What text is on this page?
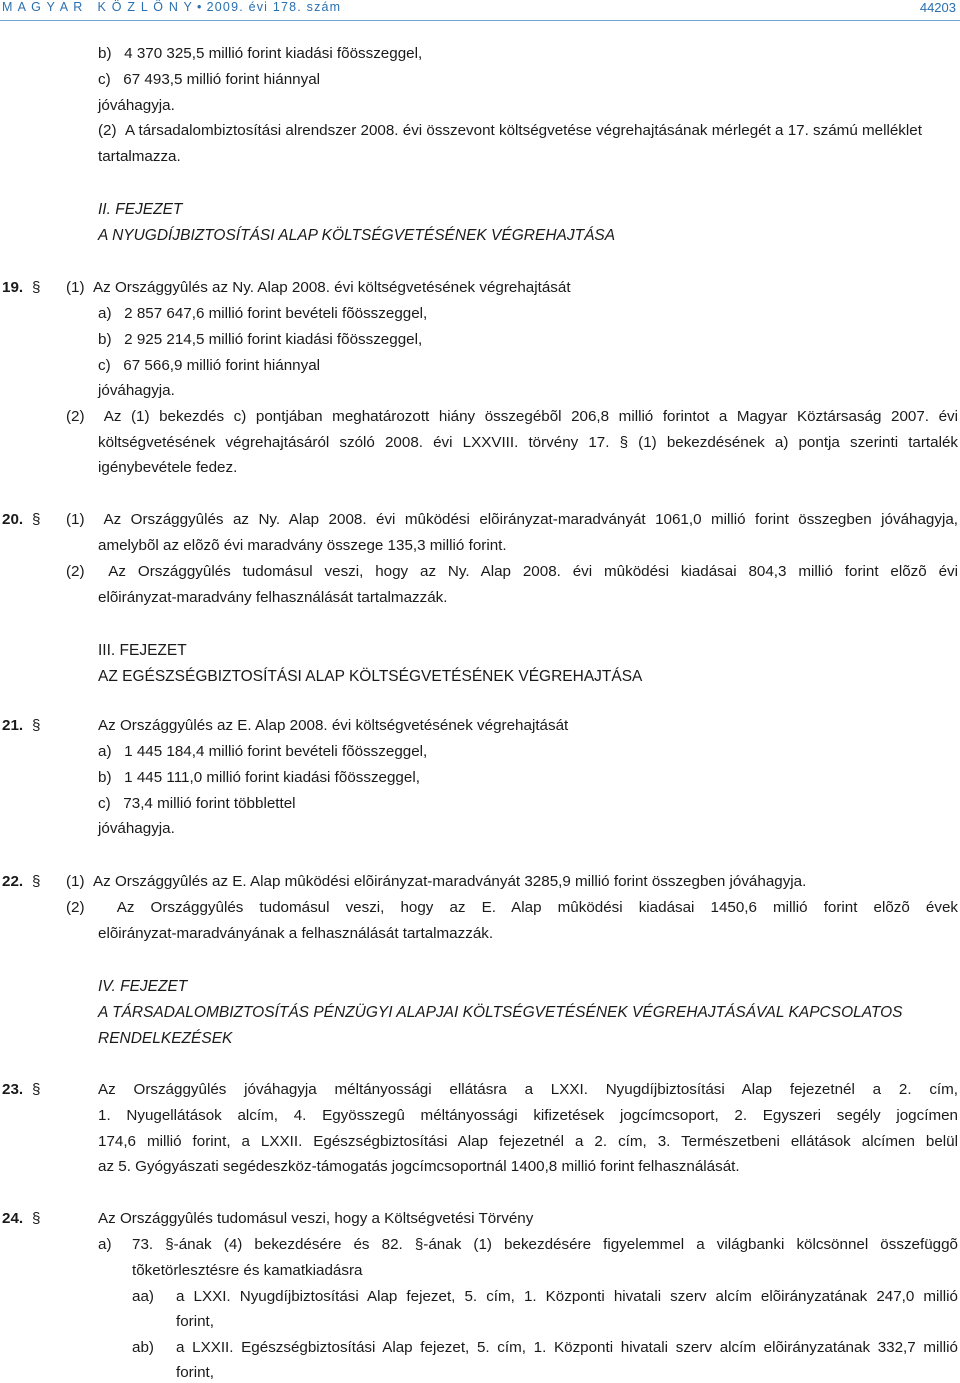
M A G Y A R   K Ö Z L Ö N Y • 2009. évi 178. szám	44203
b)   4 370 325,5 millió forint kiadási fõösszeggel,
c)   67 493,5 millió forint hiánnyal
jóváhagyja.
(2)  A társadalombiztosítási alrendszer 2008. évi összevont költségvetése végrehajtásának mérlegét a 17. számú melléklet
tartalmazza.
II. FEJEZET
A NYUGDÍJBIZTOSÍTÁSI ALAP KÖLTSÉGVETÉSÉNEK VÉGREHAJTÁSA
19. § (1)  Az Országgyûlés az Ny. Alap 2008. évi költségvetésének végrehajtását
a)   2 857 647,6 millió forint bevételi fõösszeggel,
b)   2 925 214,5 millió forint kiadási fõösszeggel,
c)   67 566,9 millió forint hiánnyal
jóváhagyja.
(2)  Az (1) bekezdés c) pontjában meghatározott hiány összegébõl 206,8 millió forintot a Magyar Köztársaság 2007. évi
költségvetésének végrehajtásáról szóló 2008. évi LXXVIII. törvény 17. § (1) bekezdésének a) pontja szerinti tartalék
igénybevétele fedez.
20. § (1)  Az Országgyûlés az Ny. Alap 2008. évi mûködési elõirányzat-maradványát 1061,0 millió forint összegben jóváhagyja,
amelybõl az elõzõ évi maradvány összege 135,3 millió forint.
(2)  Az Országgyûlés tudomásul veszi, hogy az Ny. Alap 2008. évi mûködési kiadásai 804,3 millió forint elõzõ évi
elõirányzat-maradvány felhasználását tartalmazzák.
III. FEJEZET
AZ EGÉSZSÉGBIZTOSÍTÁSI ALAP KÖLTSÉGVETÉSÉNEK VÉGREHAJTÁSA
21. §	Az Országgyûlés az E. Alap 2008. évi költségvetésének végrehajtását
a)   1 445 184,4 millió forint bevételi fõösszeggel,
b)   1 445 111,0 millió forint kiadási fõösszeggel,
c)   73,4 millió forint többlettel
jóváhagyja.
22. § (1)  Az Országgyûlés az E. Alap mûködési elõirányzat-maradványát 3285,9 millió forint összegben jóváhagyja.
(2)  Az Országgyûlés tudomásul veszi, hogy az E. Alap mûködési kiadásai 1450,6 millió forint elõzõ évek
elõirányzat-maradványának a felhasználását tartalmazzák.
IV. FEJEZET
A TÁRSADALOMBIZTOSÍTÁS PÉNZÜGYI ALAPJAI KÖLTSÉGVETÉSÉNEK VÉGREHAJTÁSÁVAL KAPCSOLATOS
RENDELKEZÉSEK
23. §	Az Országgyûlés jóváhagyja méltányossági ellátásra a LXXI. Nyugdíjbiztosítási Alap fejezetnél a 2. cím,
1. Nyugellátások alcím, 4. Egyösszegû méltányossági kifizetések jogcímcsoport, 2. Egyszeri segély jogcímen
174,6 millió forint, a LXXII. Egészségbiztosítási Alap fejezetnél a 2. cím, 3. Természetbeni ellátások alcímen belül
az 5. Gyógyászati segédeszköz-támogatás jogcímcsoportnál 1400,8 millió forint felhasználását.
24. §	Az Országgyûlés tudomásul veszi, hogy a Költségvetési Törvény
a) 73. §-ának (4) bekezdésére és 82. §-ának (1) bekezdésére figyelemmel a világbanki kölcsönnel összefüggõ
tõketörlesztésre és kamatkiadásra
aa) a LXXI. Nyugdíjbiztosítási Alap fejezet, 5. cím, 1. Központi hivatali szerv alcím elõirányzatának 247,0 millió
forint,
ab) a LXXII. Egészségbiztosítási Alap fejezet, 5. cím, 1. Központi hivatali szerv alcím elõirányzatának 332,7 millió
forint,
